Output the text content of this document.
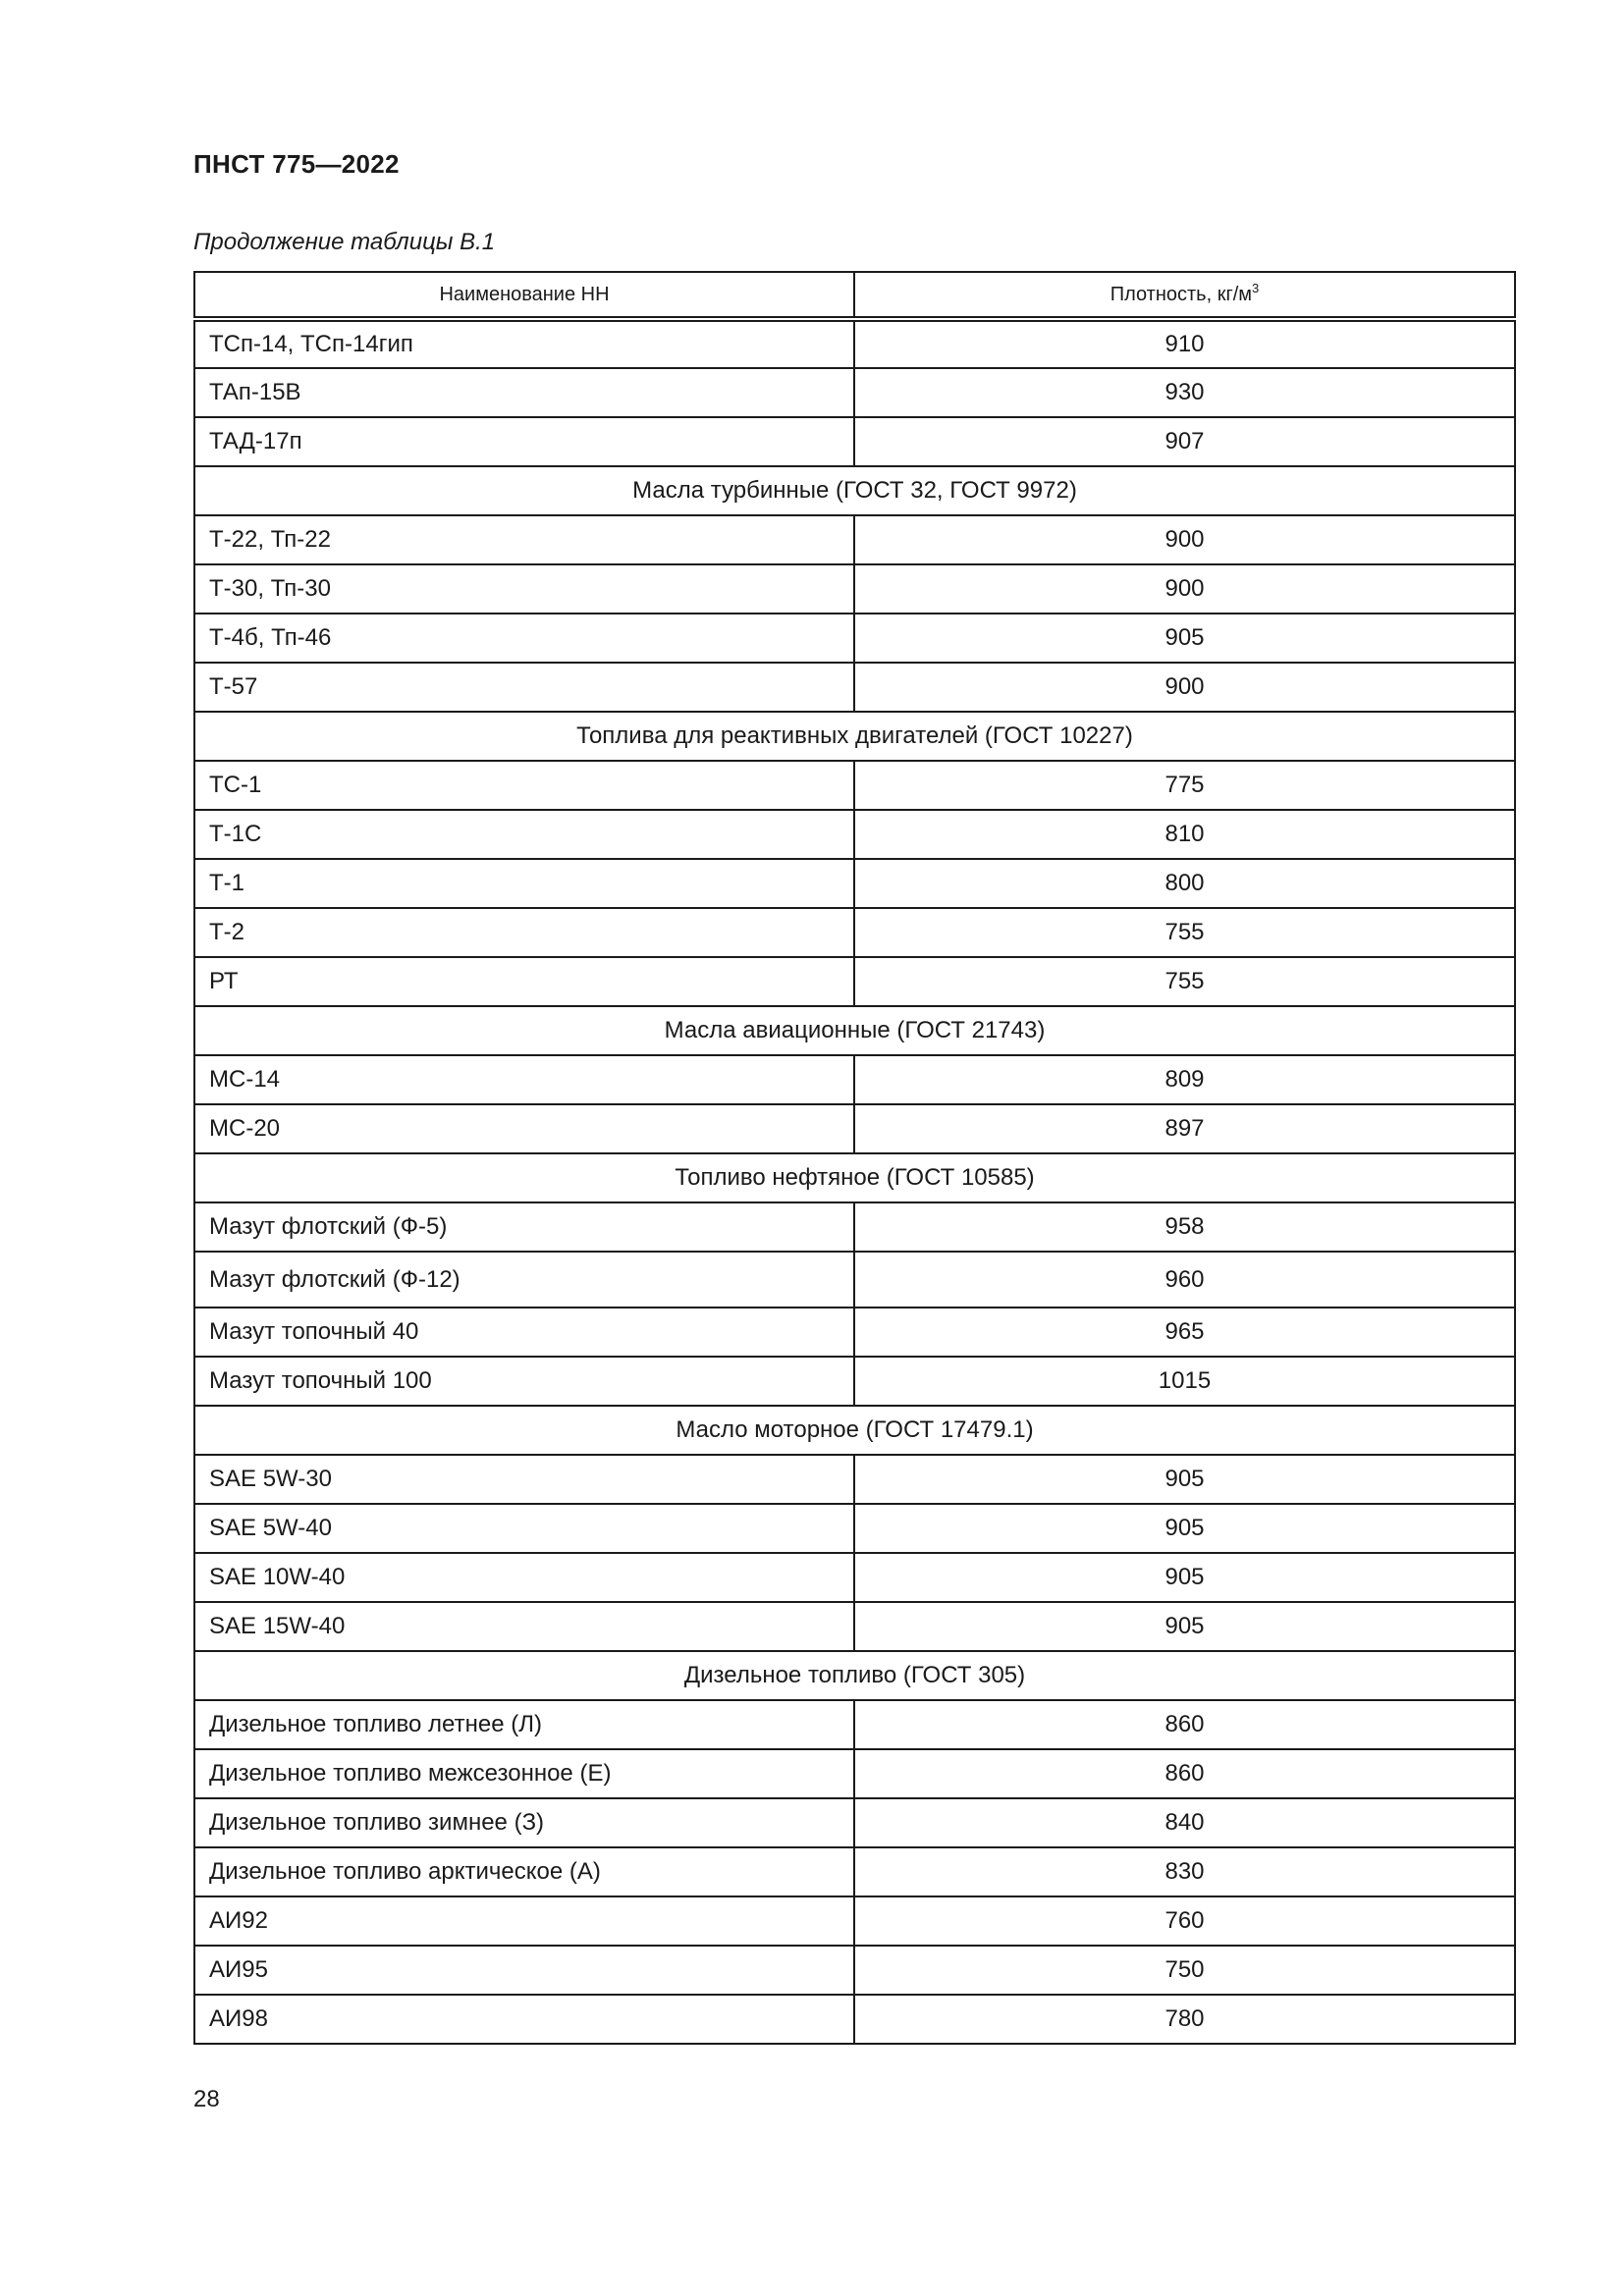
ПНСТ 775—2022
Продолжение таблицы В.1
Наименование НН	Плотность, $кг/м^3$
ТСп-14, ТСп-14гип	910
ТАп-15В	930
ТАД-17п	907
Масла турбинные (ГОСТ 32, ГОСТ 9972)	
Т-22, Тп-22	900
Т-30, Тп-30	900
Т-4б, Тп-46	905
Т-57	900
Топлива для реактивных двигателей (ГОСТ 10227)	
ТС-1	775
Т-1С	810
Т-1	800
Т-2	755
РТ	755
Масла авиационные (ГОСТ 21743)	
МС-14	809
МС-20	897
Топливо нефтяное (ГОСТ 10585)	
Мазут флотский (Ф-5)	958
Мазут флотский (Ф-12)	960
Мазут топочный 40	965
Мазут топочный 100	1015
Масло моторное (ГОСТ 17479.1)	
SAE 5W-30	905
SAE 5W-40	905
SAE 10W-40	905
SAE 15W-40	905
Дизельное топливо (ГОСТ 305)	
Дизельное топливо летнее (Л)	860
Дизельное топливо межсезонное (Е)	860
Дизельное топливо зимнее (З)	840
Дизельное топливо арктическое (А)	830
АИ92	760
АИ95	750
АИ98	780
28
